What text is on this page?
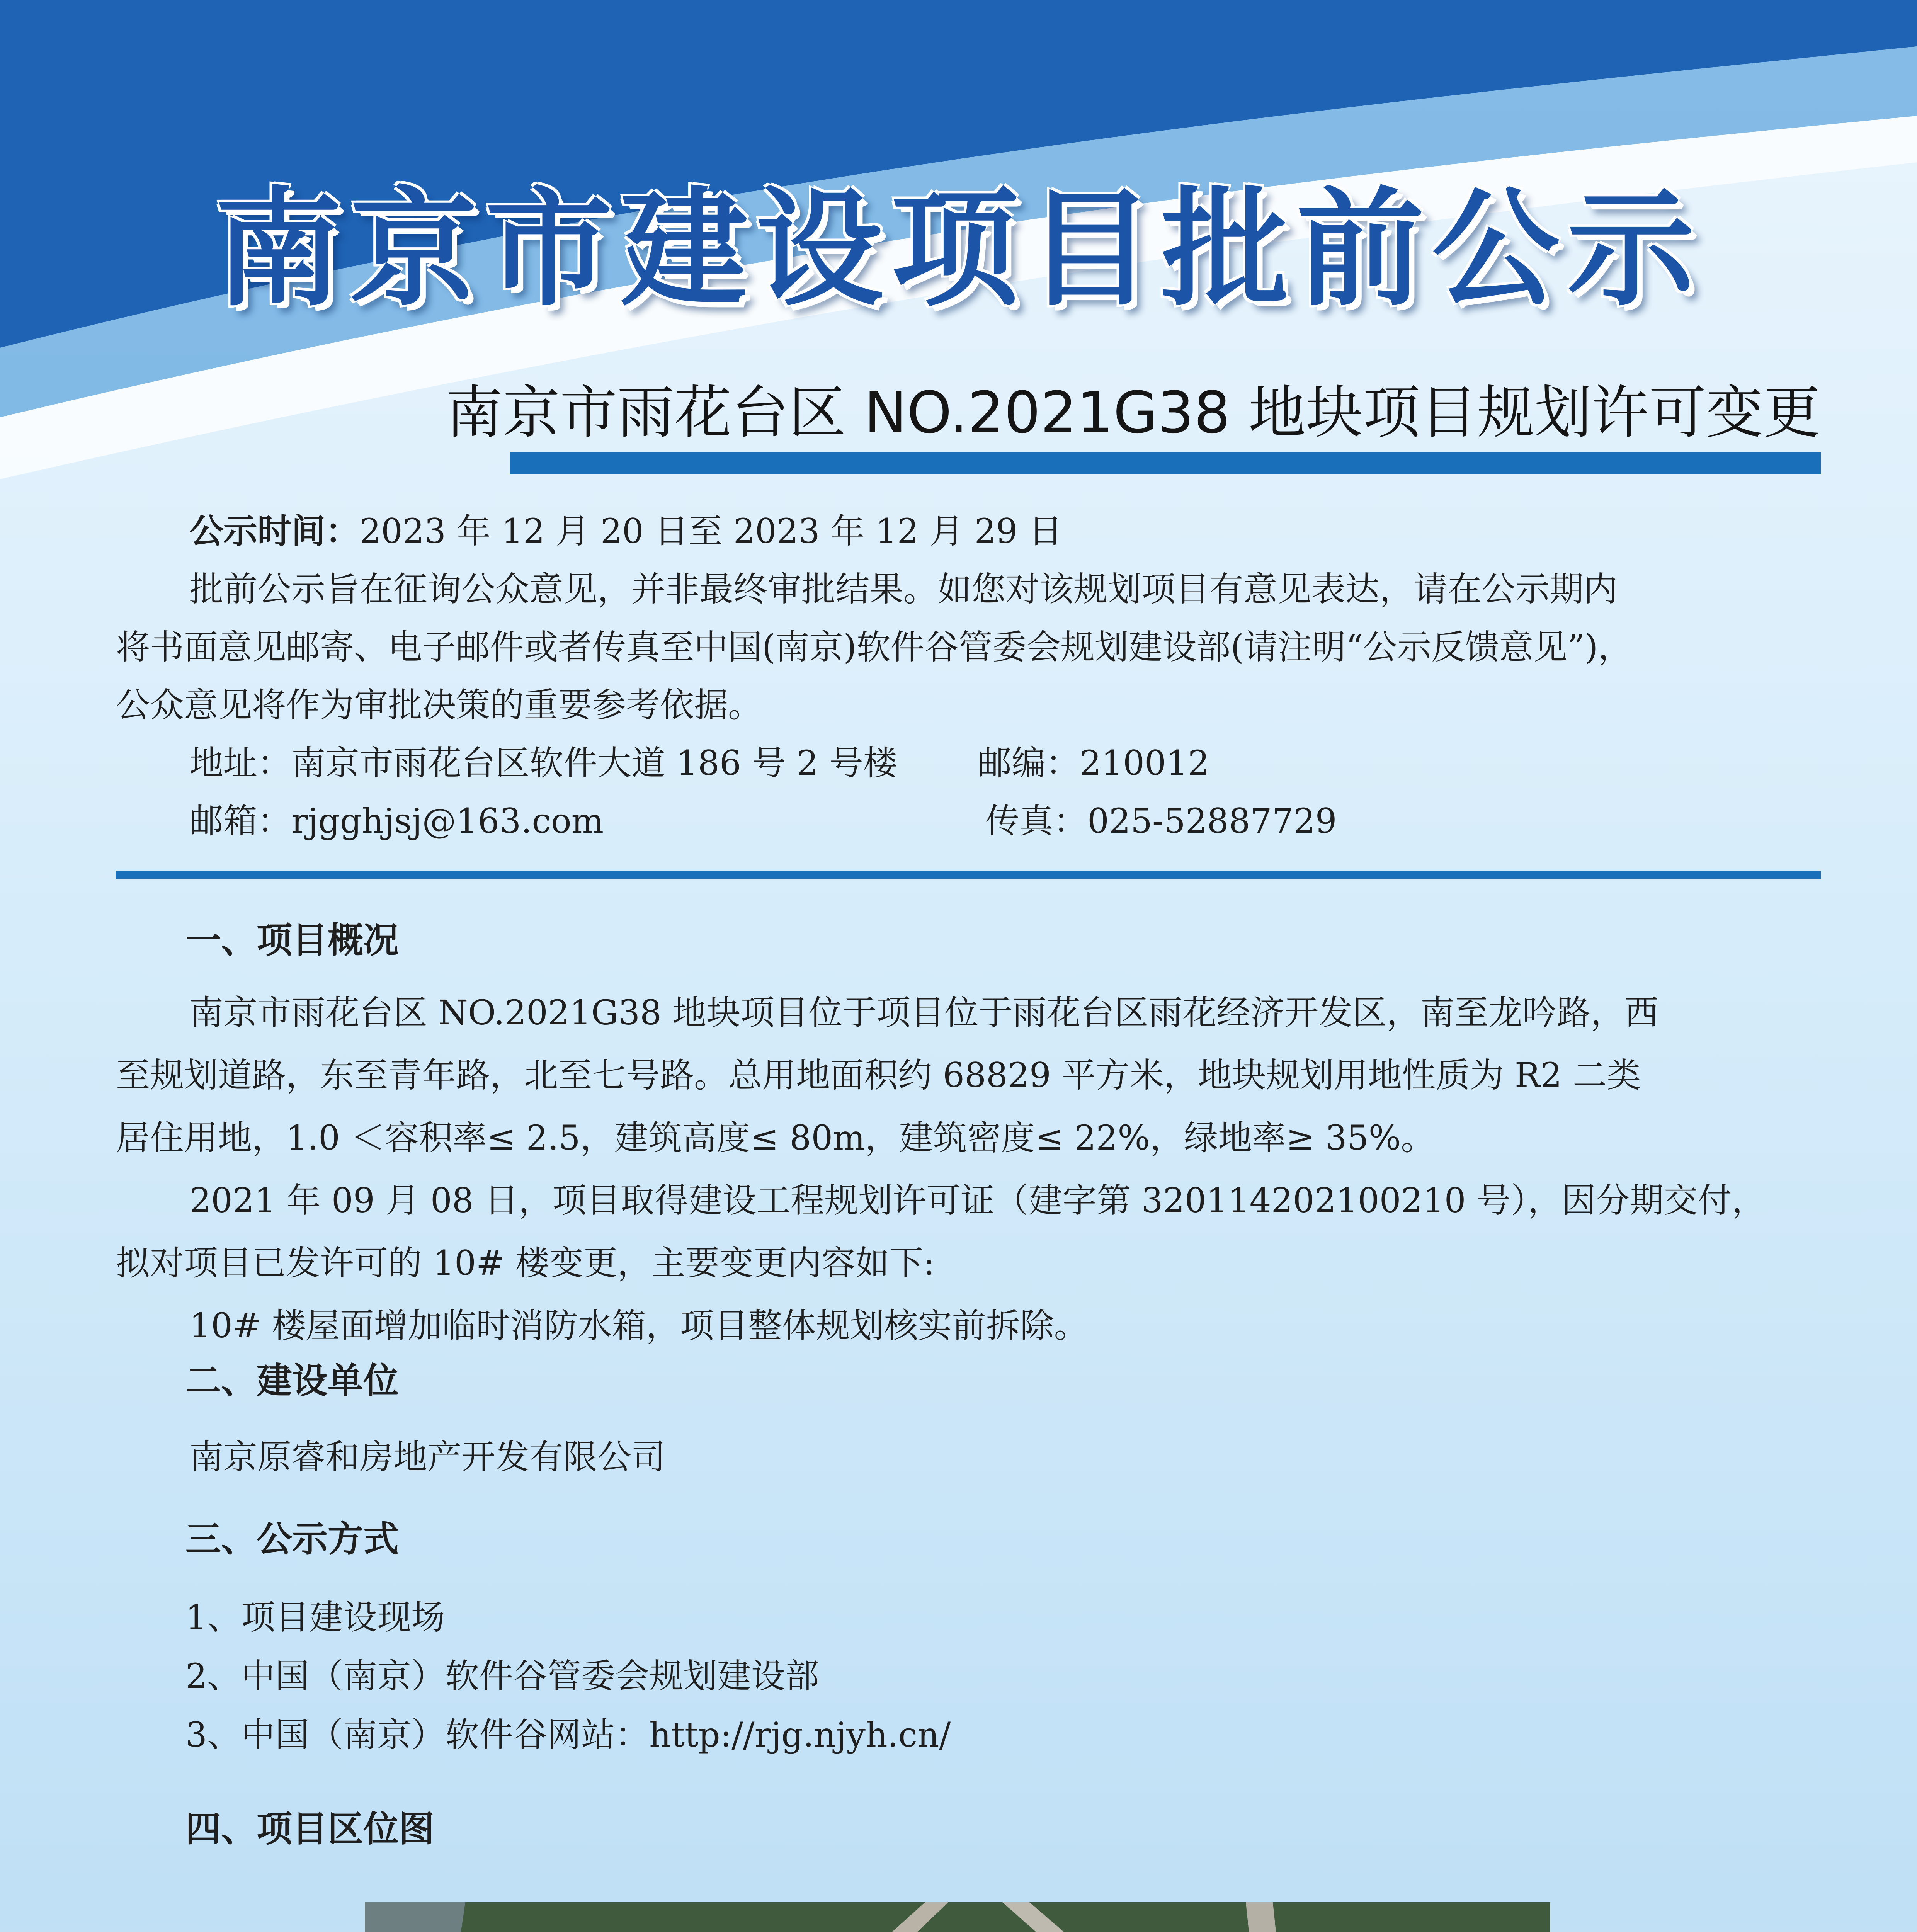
南京市建设项目批前公示
南京市雨花台区 NO.2021G38 地块项目规划许可变更
公示时间：2023 年 12 月 20 日至 2023 年 12 月 29 日
批前公示旨在征询公众意见，并非最终审批结果。如您对该规划项目有意见表达，请在公示期内
将书面意见邮寄、电子邮件或者传真至中国(南京)软件谷管委会规划建设部(请注明“公示反馈意见”)，
公众意见将作为审批决策的重要参考依据。
地址：南京市雨花台区软件大道 186 号 2 号楼 邮编：210012
邮箱：rjgghjsj@163.com	传真：025-52887729
一、项目概况
南京市雨花台区 NO.2021G38 地块项目位于项目位于雨花台区雨花经济开发区，南至龙吟路，西
至规划道路，东至青年路，北至七号路。总用地面积约 68829 平方米，地块规划用地性质为 R2 二类
居住用地，1.0 ＜容积率≤ 2.5，建筑高度≤ 80m，建筑密度≤ 22%，绿地率≥ 35%。
2021 年 09 月 08 日，项目取得建设工程规划许可证（建字第 320114202100210 号），因分期交付，
拟对项目已发许可的 10# 楼变更，主要变更内容如下:
10# 楼屋面增加临时消防水箱，项目整体规划核实前拆除。
二、建设单位
南京原睿和房地产开发有限公司
三、公示方式
1、项目建设现场
2、中国（南京）软件谷管委会规划建设部
3、中国（南京）软件谷网站：http://rjg.njyh.cn/
四、项目区位图
